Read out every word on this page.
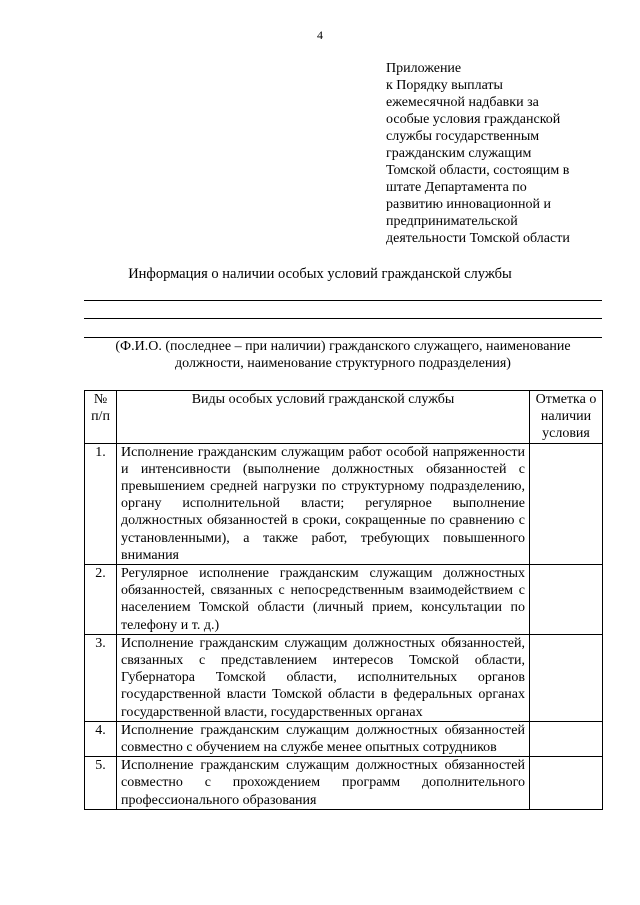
4
Приложение
к Порядку выплаты
ежемесячной надбавки за
особые условия гражданской
службы государственным
гражданским служащим
Томской области, состоящим в
штате Департамента по
развитию инновационной и
предпринимательской
деятельности Томской области
Информация о наличии особых условий гражданской службы
(Ф.И.О. (последнее – при наличии) гражданского служащего, наименование должности, наименование структурного подразделения)
№ п/п	Виды особых условий гражданской службы	Отметка о наличии условия
1.	Исполнение гражданским служащим работ особой напряженности и интенсивности (выполнение должностных обязанностей с превышением средней нагрузки по структурному подразделению, органу исполнительной власти; регулярное выполнение должностных обязанностей в сроки, сокращенные по сравнению с установленными), а также работ, требующих повышенного внимания	
2.	Регулярное исполнение гражданским служащим должностных обязанностей, связанных с непосредственным взаимодействием с населением Томской области (личный прием, консультации по телефону и т. д.)	
3.	Исполнение гражданским служащим должностных обязанностей, связанных с представлением интересов Томской области, Губернатора Томской области, исполнительных органов государственной власти Томской области в федеральных органах государственной власти, государственных органах	
4.	Исполнение гражданским служащим должностных обязанностей совместно с обучением на службе менее опытных сотрудников	
5.	Исполнение гражданским служащим должностных обязанностей совместно с прохождением программ дополнительного профессионального образования	
